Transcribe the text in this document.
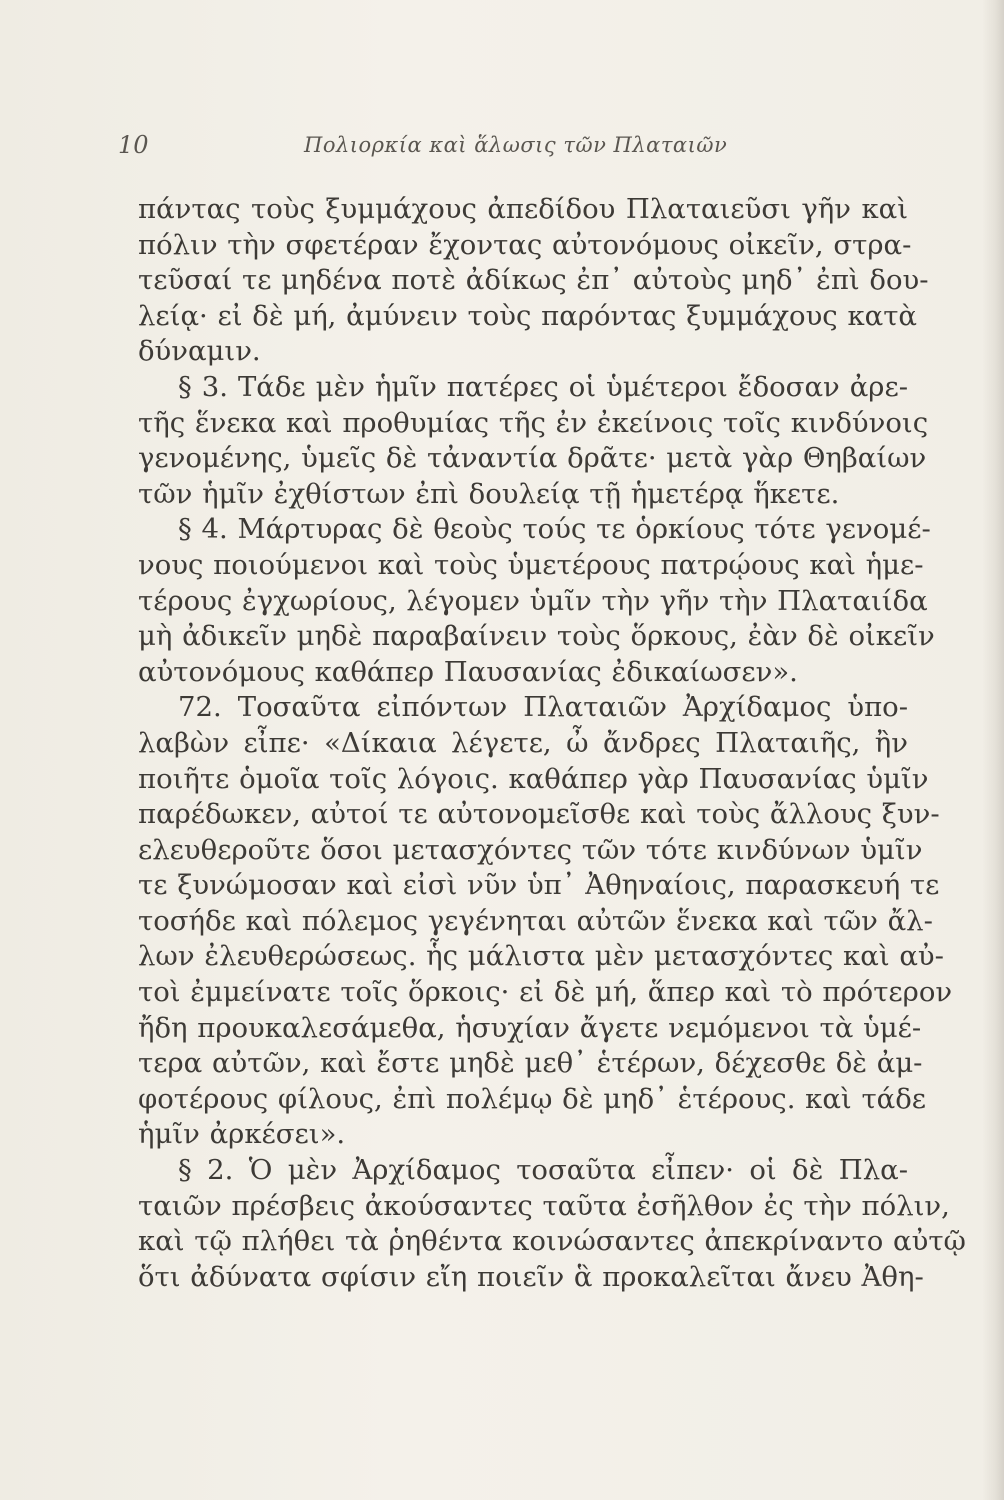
10	Πολιορκία καὶ ἅλωσις τῶν Πλαταιῶν
πάντας τοὺς ξυμμάχους ἀπεδίδου Πλαταιεῦσι γῆν καὶ
πόλιν τὴν σφετέραν ἔχοντας αὐτονόμους οἰκεῖν, στρα-
τεῦσαί τε μηδένα ποτὲ ἀδίκως ἐπ᾽ αὐτοὺς μηδ᾽ ἐπὶ δου-
λείᾳ· εἰ δὲ μή, ἀμύνειν τοὺς παρόντας ξυμμάχους κατὰ
δύναμιν.
§ 3. Τάδε μὲν ἡμῖν πατέρες οἱ ὑμέτεροι ἔδοσαν ἀρε-
τῆς ἕνεκα καὶ προθυμίας τῆς ἐν ἐκείνοις τοῖς κινδύνοις
γενομένης, ὑμεῖς δὲ τἀναντία δρᾶτε· μετὰ γὰρ Θηβαίων
τῶν ἡμῖν ἐχθίστων ἐπὶ δουλείᾳ τῇ ἡμετέρᾳ ἥκετε.
§ 4. Μάρτυρας δὲ θεοὺς τούς τε ὁρκίους τότε γενομέ-
νους ποιούμενοι καὶ τοὺς ὑμετέρους πατρῴους καὶ ἡμε-
τέρους ἐγχωρίους, λέγομεν ὑμῖν τὴν γῆν τὴν Πλαταιίδα
μὴ ἀδικεῖν μηδὲ παραβαίνειν τοὺς ὅρκους, ἐὰν δὲ οἰκεῖν
αὐτονόμους καθάπερ Παυσανίας ἐδικαίωσεν».
72. Τοσαῦτα εἰπόντων Πλαταιῶν Ἀρχίδαμος ὑπο-
λαβὼν εἶπε· «Δίκαια λέγετε, ὦ ἄνδρες Πλαταιῆς, ἢν
ποιῆτε ὁμοῖα τοῖς λόγοις. καθάπερ γὰρ Παυσανίας ὑμῖν
παρέδωκεν, αὐτοί τε αὐτονομεῖσθε καὶ τοὺς ἄλλους ξυν-
ελευθεροῦτε ὅσοι μετασχόντες τῶν τότε κινδύνων ὑμῖν
τε ξυνώμοσαν καὶ εἰσὶ νῦν ὑπ᾽ Ἀθηναίοις, παρασκευή τε
τοσήδε καὶ πόλεμος γεγένηται αὐτῶν ἕνεκα καὶ τῶν ἄλ-
λων ἐλευθερώσεως. ἧς μάλιστα μὲν μετασχόντες καὶ αὐ-
τοὶ ἐμμείνατε τοῖς ὅρκοις· εἰ δὲ μή, ἅπερ καὶ τὸ πρότερον
ἤδη προυκαλεσάμεθα, ἡσυχίαν ἄγετε νεμόμενοι τὰ ὑμέ-
τερα αὐτῶν, καὶ ἔστε μηδὲ μεθ᾽ ἑτέρων, δέχεσθε δὲ ἀμ-
φοτέρους φίλους, ἐπὶ πολέμῳ δὲ μηδ᾽ ἑτέρους. καὶ τάδε
ἡμῖν ἀρκέσει».
§ 2. Ὁ μὲν Ἀρχίδαμος τοσαῦτα εἶπεν· οἱ δὲ Πλα-
ταιῶν πρέσβεις ἀκούσαντες ταῦτα ἐσῆλθον ἐς τὴν πόλιν,
καὶ τῷ πλήθει τὰ ῥηθέντα κοινώσαντες ἀπεκρίναντο αὐτῷ
ὅτι ἀδύνατα σφίσιν εἴη ποιεῖν ἃ προκαλεῖται ἄνευ Ἀθη-
